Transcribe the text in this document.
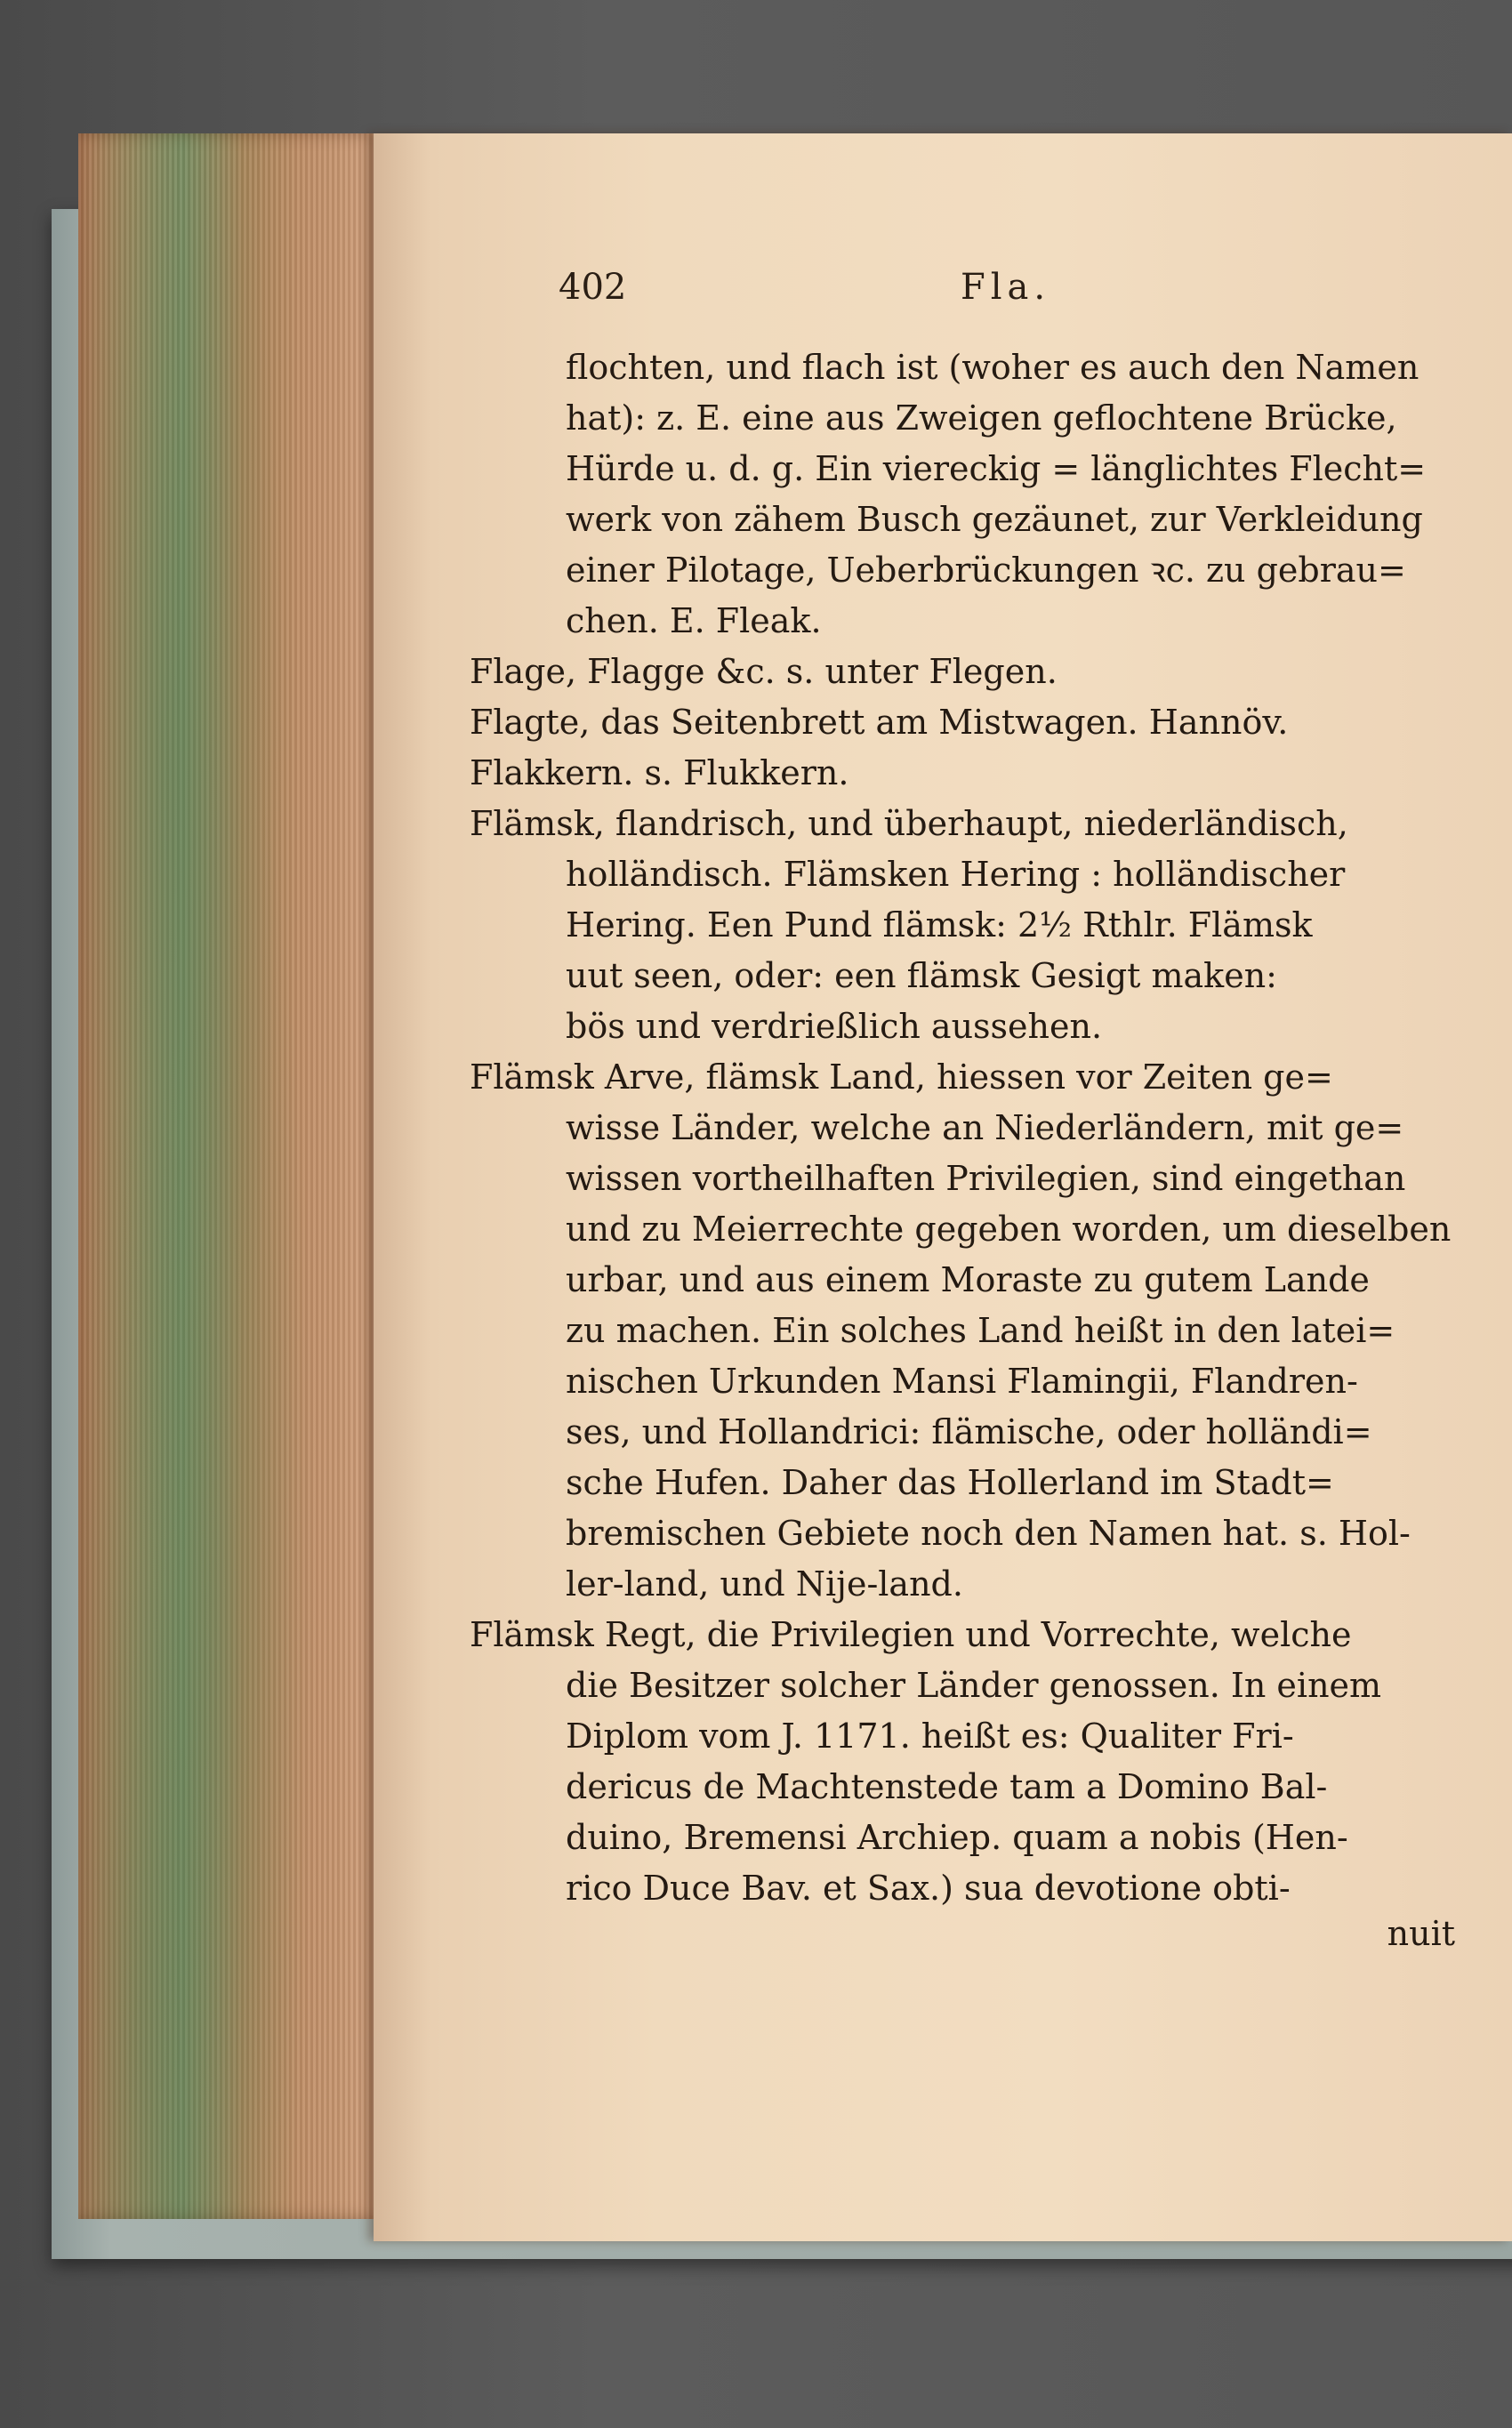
402	Fla.

flochten, und flach ist (woher es auch den Namen
hat): z. E. eine aus Zweigen geflochtene Brücke,
Hürde u. d. g. Ein viereckig = länglichtes Flecht=
werk von zähem Busch gezäunet, zur Verkleidung
einer Pilotage, Ueberbrückungen ꝛc. zu gebrau=
chen. E. Fleak.

Flage, Flagge &c. s. unter Flegen.

Flagte, das Seitenbrett am Mistwagen. Hannöv.

Flakkern. s. Flukkern.

Flämsk, flandrisch, und überhaupt, niederländisch,
holländisch. Flämsken Hering : holländischer
Hering. Een Pund flämsk: 2½ Rthlr. Flämsk
uut seen, oder: een flämsk Gesigt maken:
bös und verdrießlich aussehen.

Flämsk Arve, flämsk Land, hiessen vor Zeiten ge=
wisse Länder, welche an Niederländern, mit ge=
wissen vortheilhaften Privilegien, sind eingethan
und zu Meierrechte gegeben worden, um dieselben
urbar, und aus einem Moraste zu gutem Lande
zu machen. Ein solches Land heißt in den latei=
nischen Urkunden Mansi Flamingii, Flandren-
ses, und Hollandrici: flämische, oder holländi=
sche Hufen. Daher das Hollerland im Stadt=
bremischen Gebiete noch den Namen hat. s. Hol-
ler-land, und Nije-land.

Flämsk Regt, die Privilegien und Vorrechte, welche
die Besitzer solcher Länder genossen. In einem
Diplom vom J. 1171. heißt es: Qualiter Fri-
dericus de Machtenstede tam a Domino Bal-
duino, Bremensi Archiep. quam a nobis (Hen-
rico Duce Bav. et Sax.) sua devotione obti-

nuit
